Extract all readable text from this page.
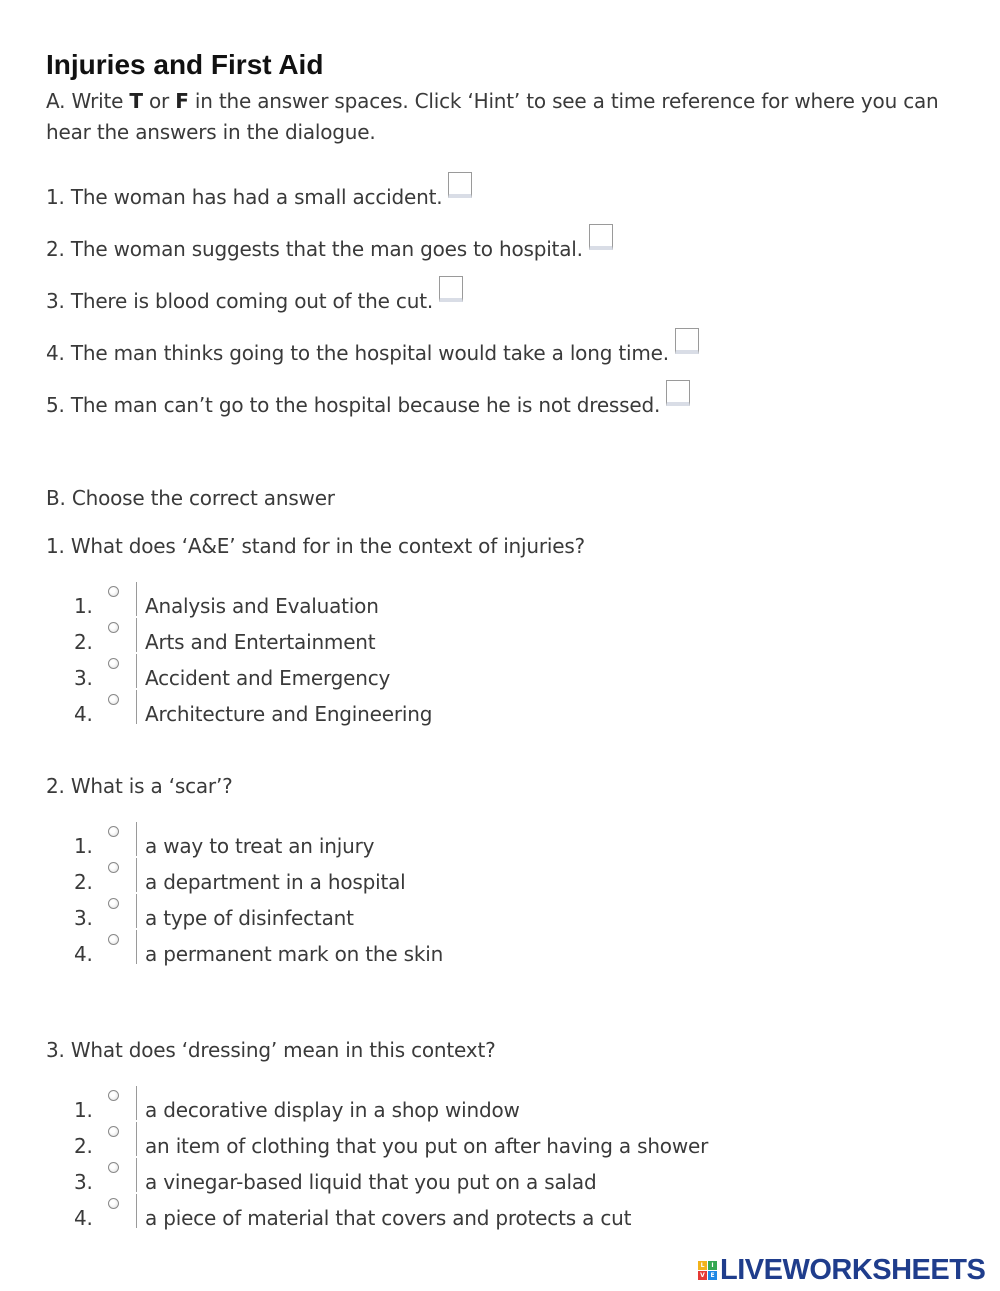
Injuries and First Aid
A. Write T or F in the answer spaces. Click ‘Hint’ to see a time reference for where you can hear the answers in the dialogue.
1. The woman has had a small accident.
2. The woman suggests that the man goes to hospital.
3. There is blood coming out of the cut.
4. The man thinks going to the hospital would take a long time.
5. The man can’t go to the hospital because he is not dressed.
B. Choose the correct answer
1. What does ‘A&E’ stand for in the context of injuries?
1.	Analysis and Evaluation
2.	Arts and Entertainment
3.	Accident and Emergency
4.	Architecture and Engineering
2. What is a ‘scar’?
1.	a way to treat an injury
2.	a department in a hospital
3.	a type of disinfectant
4.	a permanent mark on the skin
3. What does ‘dressing’ mean in this context?
1.	a decorative display in a shop window
2.	an item of clothing that you put on after having a shower
3.	a vinegar-based liquid that you put on a salad
4.	a piece of material that covers and protects a cut
L	I
V E LIVEWORKSHEETS
